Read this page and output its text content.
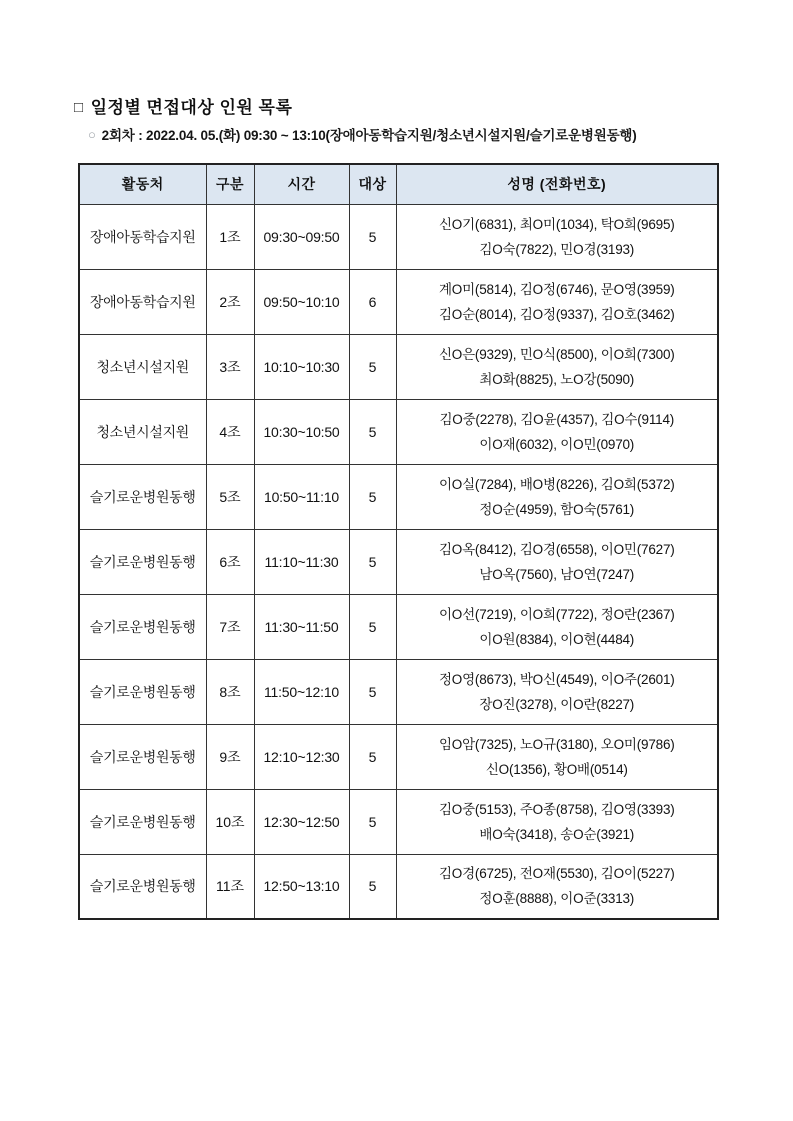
□ 일정별 면접대상 인원 목록
○ 2회차 : 2022.04. 05.(화) 09:30 ~ 13:10(장애아동학습지원/청소년시설지원/슬기로운병원동행)
활동처	구분	시간	대상	성명 (전화번호)
장애아동학습지원	1조	09:30~09:50	5	신O기(6831), 최O미(1034), 탁O희(9695)
김O숙(7822), 민O경(3193)

장애아동학습지원	2조	09:50~10:10	6	계O미(5814), 김O정(6746), 문O영(3959)
김O순(8014), 김O정(9337), 김O호(3462)

청소년시설지원	3조	10:10~10:30	5	신O은(9329), 민O식(8500), 이O희(7300)
최O화(8825), 노O강(5090)

청소년시설지원	4조	10:30~10:50	5	김O중(2278), 김O윤(4357), 김O수(9114)
이O재(6032), 이O민(0970)

슬기로운병원동행	5조	10:50~11:10	5	이O실(7284), 배O병(8226), 김O희(5372)
정O순(4959), 함O숙(5761)

슬기로운병원동행	6조	11:10~11:30	5	김O옥(8412), 김O경(6558), 이O민(7627)
남O옥(7560), 남O연(7247)

슬기로운병원동행	7조	11:30~11:50	5	이O선(7219), 이O희(7722), 정O란(2367)
이O원(8384), 이O현(4484)

슬기로운병원동행	8조	11:50~12:10	5	정O영(8673), 박O신(4549), 이O주(2601)
장O진(3278), 이O란(8227)

슬기로운병원동행	9조	12:10~12:30	5	임O암(7325), 노O규(3180), 오O미(9786)
신O(1356), 황O배(0514)

슬기로운병원동행	10조	12:30~12:50	5	김O중(5153), 주O종(8758), 김O영(3393)
배O숙(3418), 송O순(3921)

슬기로운병원동행	11조	12:50~13:10	5	김O경(6725), 전O재(5530), 김O이(5227)
정O훈(8888), 이O준(3313)
